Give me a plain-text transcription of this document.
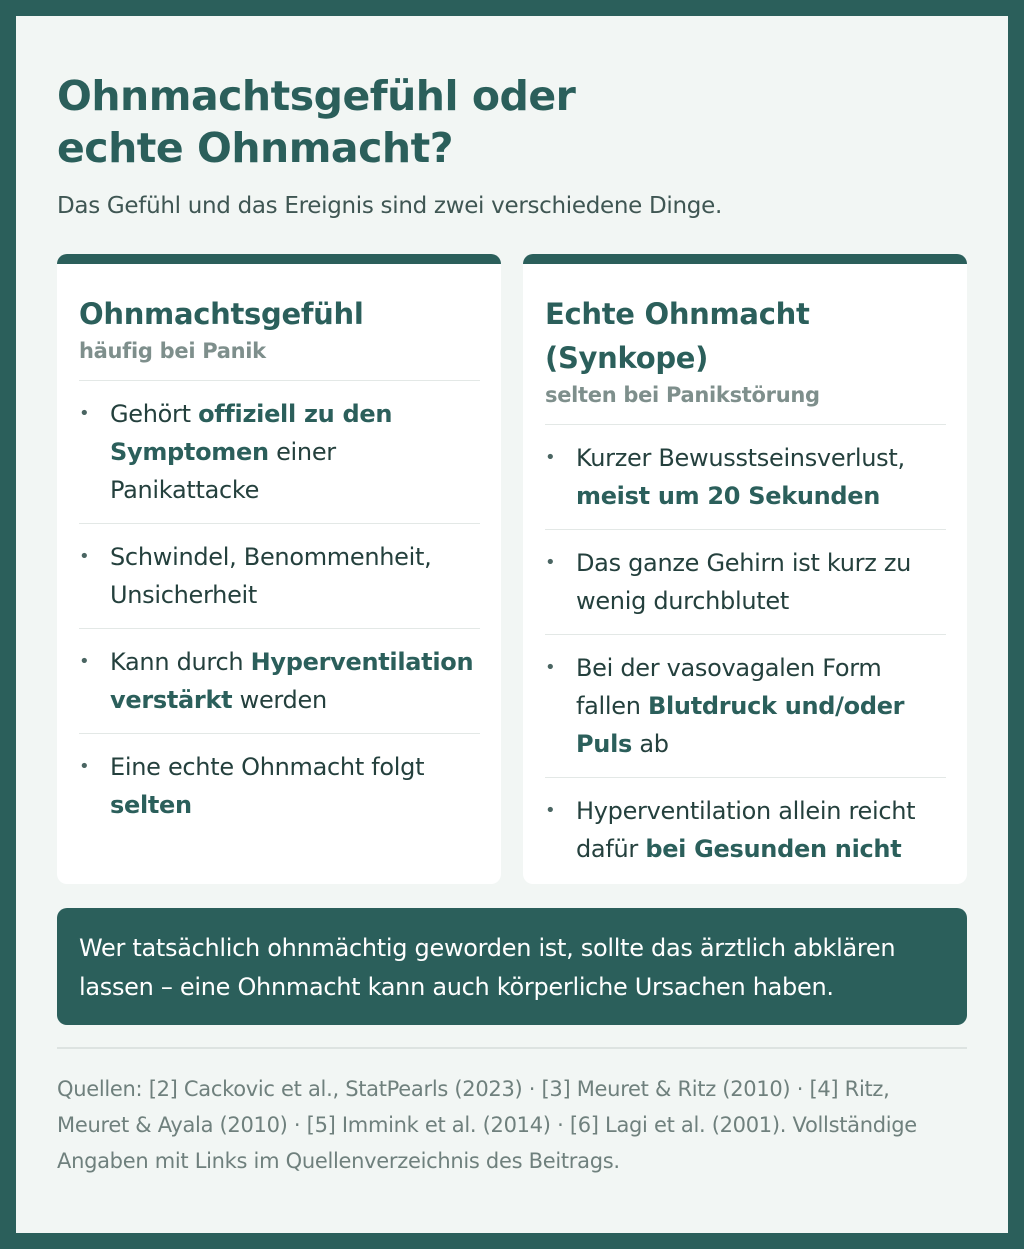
Ohnmachtsgefühl oder echte Ohnmacht?

Das Gefühl und das Ereignis sind zwei verschiedene Dinge.

Ohnmachtsgefühl
häufig bei Panik
• Gehört offiziell zu den Symptomen einer Panikattacke
• Schwindel, Benommenheit, Unsicherheit
• Kann durch Hyperventilation verstärkt werden
• Eine echte Ohnmacht folgt selten
Echte Ohnmacht (Synkope)
selten bei Panikstörung
• Kurzer Bewusstseinsverlust, meist um 20 Sekunden
• Das ganze Gehirn ist kurz zu wenig durchblutet
• Bei der vasovagalen Form fallen Blutdruck und/oder Puls ab
• Hyperventilation allein reicht dafür bei Gesunden nicht
Wer tatsächlich ohnmächtig geworden ist, sollte das ärztlich abklären lassen – eine Ohnmacht kann auch körperliche Ursachen haben.

Quellen: [2] Cackovic et al., StatPearls (2023) · [3] Meuret & Ritz (2010) · [4] Ritz, Meuret & Ayala (2010) · [5] Immink et al. (2014) · [6] Lagi et al. (2001). Vollständige Angaben mit Links im Quellenverzeichnis des Beitrags.
